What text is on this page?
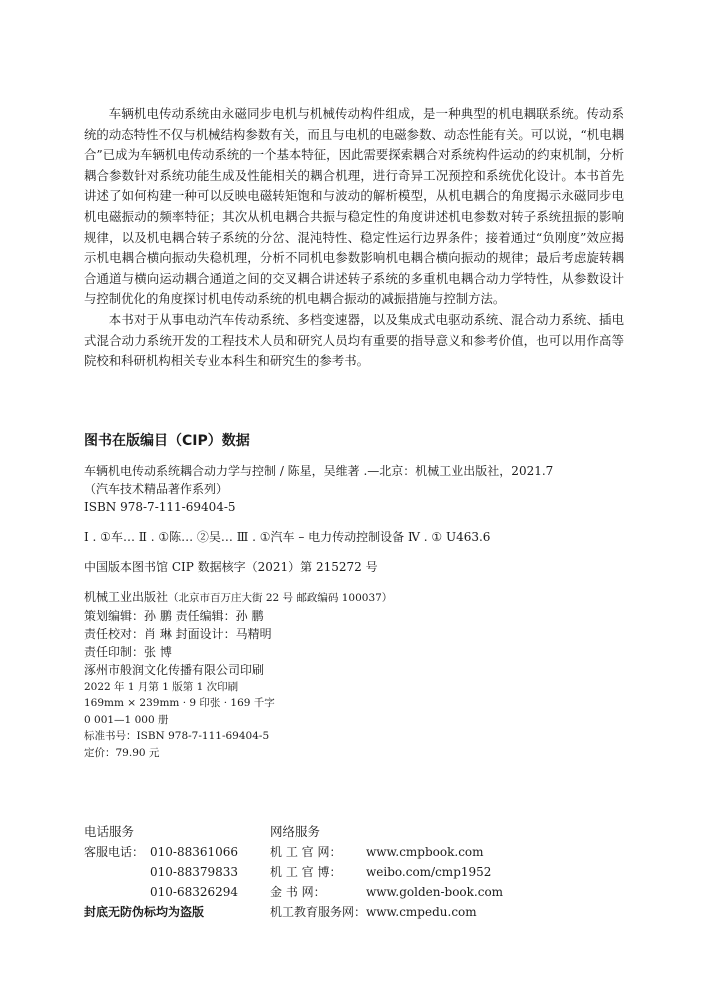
车辆机电传动系统由永磁同步电机与机械传动构件组成，是一种典型的机电耦联系统。传动系统的动态特性不仅与机械结构参数有关，而且与电机的电磁参数、动态性能有关。可以说，“机电耦合”已成为车辆机电传动系统的一个基本特征，因此需要探索耦合对系统构件运动的约束机制，分析耦合参数针对系统功能生成及性能相关的耦合机理，进行奇异工况预控和系统优化设计。本书首先讲述了如何构建一种可以反映电磁转矩饱和与波动的解析模型，从机电耦合的角度揭示永磁同步电机电磁振动的频率特征；其次从机电耦合共振与稳定性的角度讲述机电参数对转子系统扭振的影响规律，以及机电耦合转子系统的分岔、混沌特性、稳定性运行边界条件；接着通过“负刚度”效应揭示机电耦合横向振动失稳机理，分析不同机电参数影响机电耦合横向振动的规律；最后考虑旋转耦合通道与横向运动耦合通道之间的交叉耦合讲述转子系统的多重机电耦合动力学特性，从参数设计与控制优化的角度探讨机电传动系统的机电耦合振动的减振措施与控制方法。

本书对于从事电动汽车传动系统、多档变速器，以及集成式电驱动系统、混合动力系统、插电式混合动力系统开发的工程技术人员和研究人员均有重要的指导意义和参考价值，也可以用作高等院校和科研机构相关专业本科生和研究生的参考书。

图书在版编目（CIP）数据
车辆机电传动系统耦合动力学与控制 / 陈星，吴维著 .—北京：机械工业出版社，2021.7
（汽车技术精品著作系列）
ISBN 978-7-111-69404-5
Ⅰ . ①车… Ⅱ . ①陈… ②吴… Ⅲ . ①汽车 – 电力传动控制设备 Ⅳ . ① U463.6
中国版本图书馆 CIP 数据核字（2021）第 215272 号
机械工业出版社（北京市百万庄大街 22 号 邮政编码 100037）
策划编辑：孙 鹏 责任编辑：孙 鹏
责任校对：肖 琳 封面设计：马精明
责任印制：张 博
涿州市般润文化传播有限公司印刷
2022 年 1 月第 1 版第 1 次印刷
169mm × 239mm · 9 印张 · 169 千字
0 001—1 000 册
标准书号：ISBN 978-7-111-69404-5
定价：79.90 元
电话服务	网络服务
客服电话： 010-88361066	机 工 官 网： www.cmpbook.com
010-88379833	机 工 官 博： weibo.com/cmp1952
010-68326294	金 书 网：	www.golden-book.com
封底无防伪标均为盗版	机工教育服务网：www.cmpedu.com
